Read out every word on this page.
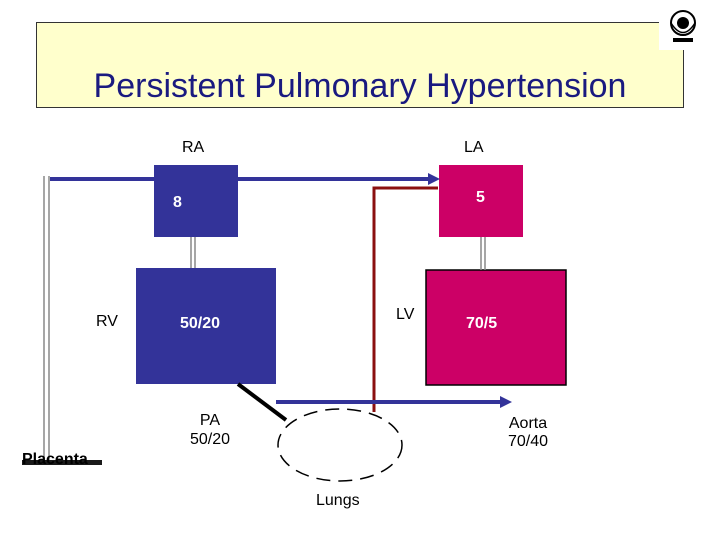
Persistent Pulmonary Hypertension
RA	LA
8	5
RV	50/20
LV
70/5
PA
50/20
Aorta
70/40
Lungs
Placenta
